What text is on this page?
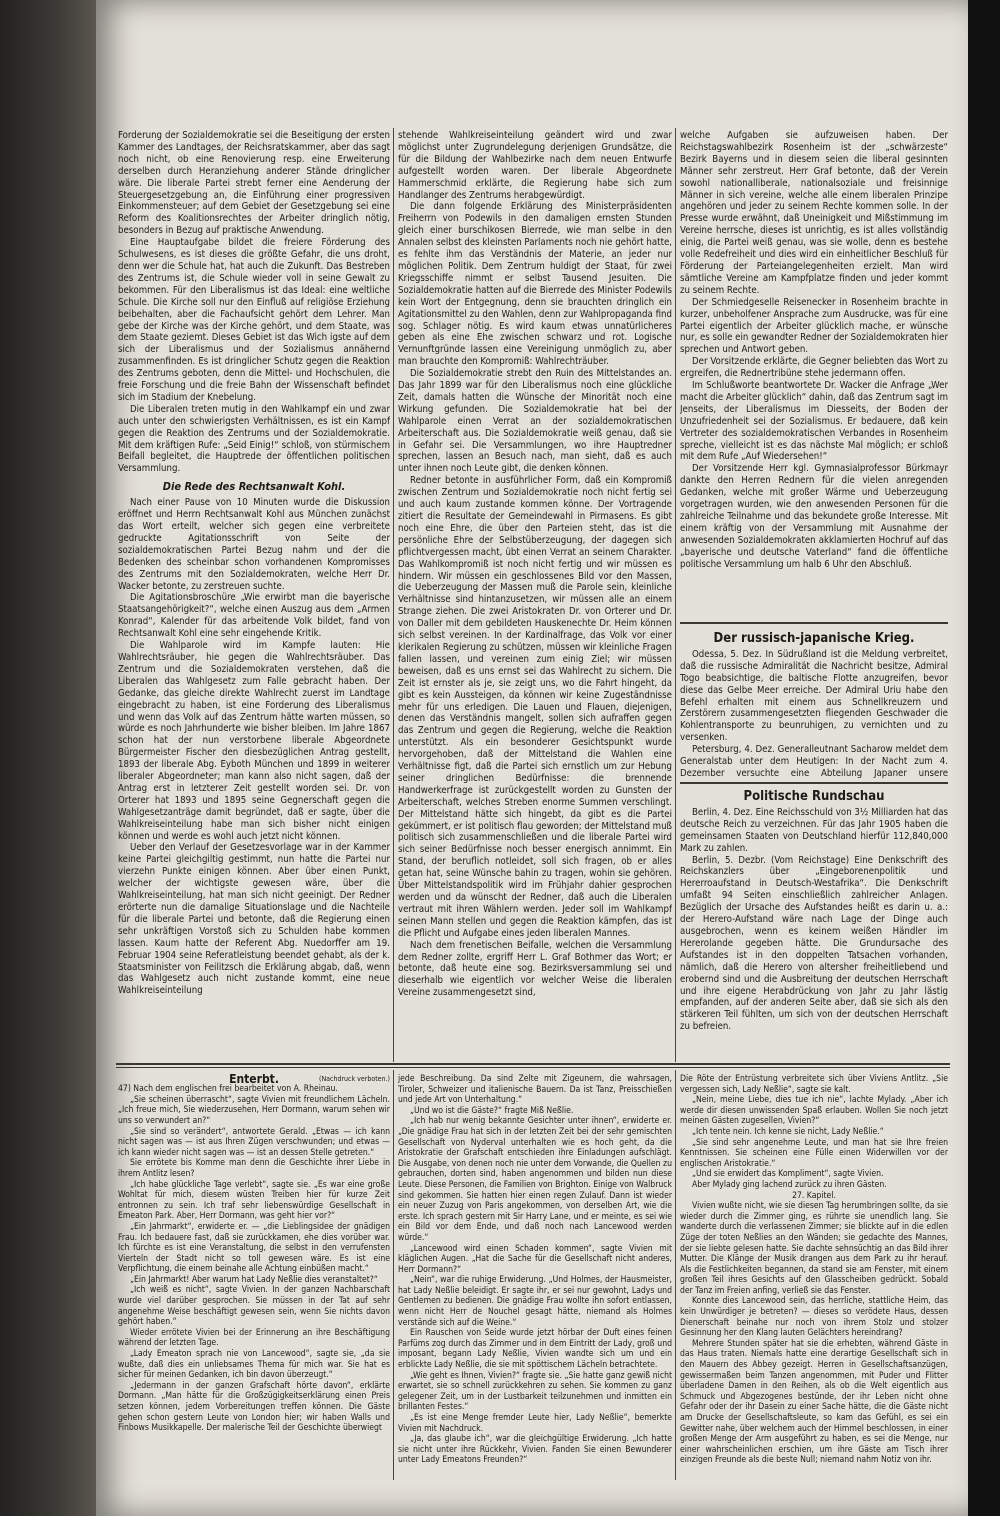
Forderung der Sozialdemokratie sei die Beseitigung der ersten Kammer des Landtages, der Reichsratskammer, aber das sagt noch nicht, ob eine Renovierung resp. eine Erweiterung derselben durch Heranziehung anderer Stände dringlicher wäre. Die liberale Partei strebt ferner eine Aenderung der Steuergesetzgebung an, die Einführung einer progressiven Einkommensteuer; auf dem Gebiet der Gesetzgebung sei eine Reform des Koalitionsrechtes der Arbeiter dringlich nötig, besonders in Bezug auf praktische Anwendung.

Eine Hauptaufgabe bildet die freiere Förderung des Schulwesens, es ist dieses die größte Gefahr, die uns droht, denn wer die Schule hat, hat auch die Zukunft. Das Bestreben des Zentrums ist, die Schule wieder voll in seine Gewalt zu bekommen. Für den Liberalismus ist das Ideal: eine weltliche Schule. Die Kirche soll nur den Einfluß auf religiöse Erziehung beibehalten, aber die Fachaufsicht gehört dem Lehrer. Man gebe der Kirche was der Kirche gehört, und dem Staate, was dem Staate geziemt. Dieses Gebiet ist das Wich igste auf dem sich der Liberalismus und der Sozialismus annähernd zusammenfinden. Es ist dringlicher Schutz gegen die Reaktion des Zentrums geboten, denn die Mittel- und Hochschulen, die freie Forschung und die freie Bahn der Wissenschaft befindet sich im Stadium der Knebelung.

Die Liberalen treten mutig in den Wahlkampf ein und zwar auch unter den schwierigsten Verhältnissen, es ist ein Kampf gegen die Reaktion des Zentrums und der Sozialdemokratie. Mit dem kräftigen Rufe: „Seid Einig!“ schloß, von stürmischem Beifall begleitet, die Hauptrede der öffentlichen politischen Versammlung.

Die Rede des Rechtsanwalt Kohl.

Nach einer Pause von 10 Minuten wurde die Diskussion eröffnet und Herrn Rechtsanwalt Kohl aus München zunächst das Wort erteilt, welcher sich gegen eine verbreitete gedruckte Agitationsschrift von Seite der sozialdemokratischen Partei Bezug nahm und der die Bedenken des scheinbar schon vorhandenen Kompromisses des Zentrums mit den Sozialdemokraten, welche Herr Dr. Wacker betonte, zu zerstreuen suchte.

Die Agitationsbroschüre „Wie erwirbt man die bayerische Staatsangehörigkeit?“, welche einen Auszug aus dem „Armen Konrad“, Kalender für das arbeitende Volk bildet, fand von Rechtsanwalt Kohl eine sehr eingehende Kritik.

Die Wahlparole wird im Kampfe lauten: Hie Wahlrechtsräuber, hie gegen die Wahlrechtsräuber. Das Zentrum und die Sozialdemokraten verstehen, daß die Liberalen das Wahlgesetz zum Falle gebracht haben. Der Gedanke, das gleiche direkte Wahlrecht zuerst im Landtage eingebracht zu haben, ist eine Forderung des Liberalismus und wenn das Volk auf das Zentrum hätte warten müssen, so würde es noch Jahrhunderte wie bisher bleiben. Im Jahre 1867 schon hat der nun verstorbene liberale Abgeordnete Bürgermeister Fischer den diesbezüglichen Antrag gestellt, 1893 der liberale Abg. Eyboth München und 1899 in weiterer liberaler Abgeordneter; man kann also nicht sagen, daß der Antrag erst in letzterer Zeit gestellt worden sei. Dr. von Orterer hat 1893 und 1895 seine Gegnerschaft gegen die Wahlgesetzanträge damit begründet, daß er sagte, über die Wahlkreiseinteilung habe man sich bisher nicht einigen können und werde es wohl auch jetzt nicht können.

Ueber den Verlauf der Gesetzesvorlage war in der Kammer keine Partei gleichgiltig gestimmt, nun hatte die Partei nur vierzehn Punkte einigen können. Aber über einen Punkt, welcher der wichtigste gewesen wäre, über die Wahlkreiseinteilung, hat man sich nicht geeinigt. Der Redner erörterte nun die damalige Situationslage und die Nachteile für die liberale Partei und betonte, daß die Regierung einen sehr unkräftigen Vorstoß sich zu Schulden habe kommen lassen. Kaum hatte der Referent Abg. Nuedorffer am 19. Februar 1904 seine Referatleistung beendet gehabt, als der k. Staatsminister von Feilitzsch die Erklärung abgab, daß, wenn das Wahlgesetz auch nicht zustande kommt, eine neue Wahlkreiseinteilung

stehende Wahlkreiseinteilung geändert wird und zwar möglichst unter Zugrundelegung derjenigen Grundsätze, die für die Bildung der Wahlbezirke nach dem neuen Entwurfe aufgestellt worden waren. Der liberale Abgeordnete Hammerschmid erklärte, die Regierung habe sich zum Handlanger des Zentrums herabgewürdigt.

Die dann folgende Erklärung des Ministerpräsidenten Freiherrn von Podewils in den damaligen ernsten Stunden gleich einer burschikosen Bierrede, wie man selbe in den Annalen selbst des kleinsten Parlaments noch nie gehört hatte, es fehlte ihm das Verständnis der Materie, an jeder nur möglichen Politik. Dem Zentrum huldigt der Staat, für zwei Kriegsschiffe nimmt er selbst Tausend Jesuiten. Die Sozialdemokratie hatten auf die Bierrede des Minister Podewils kein Wort der Entgegnung, denn sie brauchten dringlich ein Agitationsmittel zu den Wahlen, denn zur Wahlpropaganda find sog. Schlager nötig. Es wird kaum etwas unnatürlicheres geben als eine Ehe zwischen schwarz und rot. Logische Vernunftgründe lassen eine Vereinigung unmöglich zu, aber man brauchte den Kompromiß: Wahlrechträuber.

Die Sozialdemokratie strebt den Ruin des Mittelstandes an. Das Jahr 1899 war für den Liberalismus noch eine glückliche Zeit, damals hatten die Wünsche der Minorität noch eine Wirkung gefunden. Die Sozialdemokratie hat bei der Wahlparole einen Verrat an der sozialdemokratischen Arbeiterschaft aus. Die Sozialdemokratie weiß genau, daß sie in Gefahr sei. Die Versammlungen, wo ihre Hauptredner sprechen, lassen an Besuch nach, man sieht, daß es auch unter ihnen noch Leute gibt, die denken können.

Redner betonte in ausführlicher Form, daß ein Kompromiß zwischen Zentrum und Sozialdemokratie noch nicht fertig sei und auch kaum zustande kommen könne. Der Vortragende zitiert die Resultate der Gemeindewahl in Pirmasens. Es gibt noch eine Ehre, die über den Parteien steht, das ist die persönliche Ehre der Selbstüberzeugung, der dagegen sich pflichtvergessen macht, übt einen Verrat an seinem Charakter. Das Wahlkompromiß ist noch nicht fertig und wir müssen es hindern. Wir müssen ein geschlossenes Bild vor den Massen, die Ueberzeugung der Massen muß die Parole sein, kleinliche Verhältnisse sind hintanzusetzen, wir müssen alle an einem Strange ziehen. Die zwei Aristokraten Dr. von Orterer und Dr. von Daller mit dem gebildeten Hauskenechte Dr. Heim können sich selbst vereinen. In der Kardinalfrage, das Volk vor einer klerikalen Regierung zu schützen, müssen wir kleinliche Fragen fallen lassen, und vereinen zum einig Ziel; wir müssen beweisen, daß es uns ernst sei das Wahlrecht zu sichern. Die Zeit ist ernster als je, sie zeigt uns, wo die Fahrt hingeht, da gibt es kein Aussteigen, da können wir keine Zugeständnisse mehr für uns erledigen. Die Lauen und Flauen, diejenigen, denen das Verständnis mangelt, sollen sich aufraffen gegen das Zentrum und gegen die Regierung, welche die Reaktion unterstützt. Als ein besonderer Gesichtspunkt wurde hervorgehoben, daß der Mittelstand die Wahlen eine Verhältnisse figt, daß die Partei sich ernstlich um zur Hebung seiner dringlichen Bedürfnisse: die brennende Handwerkerfrage ist zurückgestellt worden zu Gunsten der Arbeiterschaft, welches Streben enorme Summen verschlingt. Der Mittelstand hätte sich hingebt, da gibt es die Partei gekümmert, er ist politisch flau geworden; der Mittelstand muß politisch sich zusammenschließen und die liberale Partei wird sich seiner Bedürfnisse noch besser energisch annimmt. Ein Stand, der beruflich notleidet, soll sich fragen, ob er alles getan hat, seine Wünsche bahin zu tragen, wohin sie gehören. Über Mittelstandspolitik wird im Frühjahr dahier gesprochen werden und da wünscht der Redner, daß auch die Liberalen vertraut mit ihren Wählern werden. Jeder soll im Wahlkampf seinen Mann stellen und gegen die Reaktion kämpfen, das ist die Pflicht und Aufgabe eines jeden liberalen Mannes.

Nach dem frenetischen Beifalle, welchen die Versammlung dem Redner zollte, ergriff Herr L. Graf Bothmer das Wort; er betonte, daß heute eine sog. Bezirksversammlung sei und dieserhalb wie eigentlich vor welcher Weise die liberalen Vereine zusammengesetzt sind,

welche Aufgaben sie aufzuweisen haben. Der Reichstagswahlbezirk Rosenheim ist der „schwärzeste“ Bezirk Bayerns und in diesem seien die liberal gesinnten Männer sehr zerstreut. Herr Graf betonte, daß der Verein sowohl nationalliberale, nationalsoziale und freisinnige Männer in sich vereine, welche alle einem liberalen Prinzipe angehören und jeder zu seinem Rechte kommen solle. In der Presse wurde erwähnt, daß Uneinigkeit und Mißstimmung im Vereine herrsche, dieses ist unrichtig, es ist alles vollständig einig, die Partei weiß genau, was sie wolle, denn es bestehe volle Redefreiheit und dies wird ein einheitlicher Beschluß für Förderung der Parteiangelegenheiten erzielt. Man wird sämtliche Vereine am Kampfplatze finden und jeder kommt zu seinem Rechte.

Der Schmiedgeselle Reisenecker in Rosenheim brachte in kurzer, unbeholfener Ansprache zum Ausdrucke, was für eine Partei eigentlich der Arbeiter glücklich mache, er wünsche nur, es solle ein gewandter Redner der Sozialdemokraten hier sprechen und Antwort geben.

Der Vorsitzende erklärte, die Gegner beliebten das Wort zu ergreifen, die Rednertribüne stehe jedermann offen.

Im Schlußworte beantwortete Dr. Wacker die Anfrage „Wer macht die Arbeiter glücklich“ dahin, daß das Zentrum sagt im Jenseits, der Liberalismus im Diesseits, der Boden der Unzufriedenheit sei der Sozialismus. Er bedauere, daß kein Vertreter des sozialdemokratischen Verbandes in Rosenheim spreche, vielleicht ist es das nächste Mal möglich; er schloß mit dem Rufe „Auf Wiedersehen!“

Der Vorsitzende Herr kgl. Gymnasialprofessor Bürkmayr dankte den Herren Rednern für die vielen anregenden Gedanken, welche mit großer Wärme und Ueberzeugung vorgetragen wurden, wie den anwesenden Personen für die zahlreiche Teilnahme und das bekundete große Interesse. Mit einem kräftig von der Versammlung mit Ausnahme der anwesenden Sozialdemokraten akklamierten Hochruf auf das „bayerische und deutsche Vaterland“ fand die öffentliche politische Versammlung um halb 6 Uhr den Abschluß.

Der russisch-japanische Krieg.

Odessa, 5. Dez. In Südrußland ist die Meldung verbreitet, daß die russische Admiralität die Nachricht besitze, Admiral Togo beabsichtige, die baltische Flotte anzugreifen, bevor diese das Gelbe Meer erreiche. Der Admiral Uriu habe den Befehl erhalten mit einem aus Schnellkreuzern und Zerstörern zusammengesetzten fliegenden Geschwader die Kohlentransporte zu beunruhigen, zu vernichten und zu versenken.

Petersburg, 4. Dez. Generalleutnant Sacharow meldet dem Generalstab unter dem Heutigen: In der Nacht zum 4. Dezember versuchte eine Abteilung Japaner unsere

Politische Rundschau

Berlin, 4. Dez. Eine Reichsschuld von 3½ Milliarden hat das deutsche Reich zu verzeichnen. Für das Jahr 1905 haben die gemeinsamen Staaten von Deutschland hierfür 112,840,000 Mark zu zahlen.

Berlin, 5. Dezbr. (Vom Reichstage) Eine Denkschrift des Reichskanzlers über „Eingeborenenpolitik und Hererroaufstand in Deutsch-Westafrika“. Die Denkschrift umfaßt 94 Seiten einschließlich zahlreicher Anlagen. Bezüglich der Ursache des Aufstandes heißt es darin u. a.: der Herero-Aufstand wäre nach Lage der Dinge auch ausgebrochen, wenn es keinem weißen Händler im Hererolande gegeben hätte. Die Grundursache des Aufstandes ist in den doppelten Tatsachen vorhanden, nämlich, daß die Herero von altersher freiheitliebend und erobernd sind und die Ausbreitung der deutschen Herrschaft und ihre eigene Herabdrückung von Jahr zu Jahr lästig empfanden, auf der anderen Seite aber, daß sie sich als den stärkeren Teil fühlten, um sich von der deutschen Herrschaft zu befreien.

Enterbt.	(Nachdruck verboten.)

47) Nach dem englischen frei bearbeitet von A. Rheinau.

„Sie scheinen überrascht“, sagte Vivien mit freundlichem Lächeln. „Ich freue mich, Sie wiederzusehen, Herr Dormann, warum sehen wir uns so verwundert an?“

„Sie sind so verändert“, antwortete Gerald. „Etwas — ich kann nicht sagen was — ist aus Ihren Zügen verschwunden; und etwas — ich kann wieder nicht sagen was — ist an dessen Stelle getreten.“

Sie errötete bis Komme man denn die Geschichte ihrer Liebe in ihrem Antlitz lesen?

„Ich habe glückliche Tage verlebt“, sagte sie. „Es war eine große Wohltat für mich, diesem wüsten Treiben hier für kurze Zeit entronnen zu sein. Ich traf sehr liebenswürdige Gesellschaft in Emeaton Park. Aber, Herr Dormann, was geht hier vor?“

„Ein Jahrmarkt“, erwiderte er. — „die Lieblingsidee der gnädigen Frau. Ich bedauere fast, daß sie zurückkamen, ehe dies vorüber war. Ich fürchte es ist eine Veranstaltung, die selbst in den verrufensten Vierteln der Stadt nicht so toll gewesen wäre. Es ist eine Verpflichtung, die einem beinahe alle Achtung einbüßen macht.“

„Ein Jahrmarkt! Aber warum hat Lady Neßlie dies veranstaltet?“

„Ich weiß es nicht“, sagte Vivien. In der ganzen Nachbarschaft wurde viel darüber gesprochen. Sie müssen in der Tat auf sehr angenehme Weise beschäftigt gewesen sein, wenn Sie nichts davon gehört haben.“

Wieder errötete Vivien bei der Erinnerung an ihre Beschäftigung während der letzten Tage.

„Lady Emeaton sprach nie von Lancewood“, sagte sie, „da sie wußte, daß dies ein unliebsames Thema für mich war. Sie hat es sicher für meinen Gedanken, ich bin davon überzeugt.“

„Jedermann in der ganzen Grafschaft hörte davon“, erklärte Dormann. „Man hätte für die Großzügigkeitserklärung einen Preis setzen können, jedem Vorbereitungen treffen können. Die Gäste gehen schon gestern Leute von London hier; wir haben Walls und Finbows Musikkapelle. Der malerische Teil der Geschichte überwiegt

jede Beschreibung. Da sind Zelte mit Zigeunern, die wahrsagen, Tiroler, Schweizer und italienische Bauern. Da ist Tanz, Preisschießen und jede Art von Unterhaltung.“

„Und wo ist die Gäste?“ fragte Miß Neßlie.

„Ich hab nur wenig bekannte Gesichter unter ihnen“, erwiderte er. „Die gnädige Frau hat sich in der letzten Zeit bei der sehr gemischten Gesellschaft von Nyderval unterhalten wie es hoch geht, da die Aristokratie der Grafschaft entschieden ihre Einladungen aufschlägt. Die Ausgabe, von denen noch nie unter dem Vorwande, die Quellen zu gebrauchen, dorten sind, haben angenommen und bilden nun diese Leute. Diese Personen, die Familien von Brighton. Einige von Walbruck sind gekommen. Sie hatten hier einen regen Zulauf. Dann ist wieder ein neuer Zuzug von Paris angekommen, von derselben Art, wie die erste. Ich sprach gestern mit Sir Harry Lane, und er meinte, es sei wie ein Bild vor dem Ende, und daß noch nach Lancewood werden würde.“

„Lancewood wird einen Schaden kommen“, sagte Vivien mit kläglichen Augen. „Hat die Sache für die Gesellschaft nicht anderes, Herr Dormann?“

„Nein“, war die ruhige Erwiderung. „Und Holmes, der Hausmeister, hat Lady Neßlie beleidigt. Er sagte ihr, er sei nur gewohnt, Ladys und Gentlemen zu bedienen. Die gnädige Frau wollte ihn sofort entlassen, wenn nicht Herr de Nouchel gesagt hätte, niemand als Holmes verstände sich auf die Weine.“

Ein Rauschen von Seide wurde jetzt hörbar der Duft eines feinen Parfüms zog durch das Zimmer und in dem Eintritt der Lady, groß und imposant, begann Lady Neßlie, Vivien wandte sich um und ein erblickte Lady Neßlie, die sie mit spöttischem Lächeln betrachtete.

„Wie geht es Ihnen, Vivien?“ fragte sie. „Sie hatte ganz gewiß nicht erwartet, sie so schnell zurückkehren zu sehen. Sie kommen zu ganz gelegener Zeit, um in der Lustbarkeit teilzunehmen und inmitten ein brillanten Festes.“

„Es ist eine Menge fremder Leute hier, Lady Neßlie“, bemerkte Vivien mit Nachdruck.

„Ja, das glaube ich“, war die gleichgültige Erwiderung. „Ich hatte sie nicht unter ihre Rückkehr, Vivien. Fanden Sie einen Bewunderer unter Lady Emeatons Freunden?“

Die Röte der Entrüstung verbreitete sich über Viviens Antlitz. „Sie vergessen sich, Lady Neßlie“, sagte sie kalt.

„Nein, meine Liebe, dies tue ich nie“, lachte Mylady. „Aber ich werde dir diesen unwissenden Spaß erlauben. Wollen Sie noch jetzt meinen Gästen zugesellen, Vivien?“

„Ich tente nein. Ich kenne sie nicht, Lady Neßlie.“

„Sie sind sehr angenehme Leute, und man hat sie Ihre freien Kenntnissen. Sie scheinen eine Fülle einen Widerwillen vor der englischen Aristokratie.“

„Und sie erwidert das Kompliment“, sagte Vivien.

Aber Mylady ging lachend zurück zu ihren Gästen.

27. Kapitel.

Vivien wußte nicht, wie sie diesen Tag herumbringen sollte, da sie wieder durch die Zimmer ging, es rührte sie unendlich lang. Sie wanderte durch die verlassenen Zimmer; sie blickte auf in die edlen Züge der toten Neßlies an den Wänden; sie gedachte des Mannes, der sie liebte gelesen hatte. Sie dachte sehnsüchtig an das Bild ihrer Mutter. Die Klänge der Musik drangen aus dem Park zu ihr herauf. Als die Festlichkeiten begannen, da stand sie am Fenster, mit einem großen Teil ihres Gesichts auf den Glasscheiben gedrückt. Sobald der Tanz im Freien anfing, verließ sie das Fenster.

Konnte dies Lancewood sein, das herrliche, stattliche Heim, das kein Unwürdiger je betreten? — dieses so verödete Haus, dessen Dienerschaft beinahe nur noch von ihrem Stolz und stolzer Gesinnung her den Klang lauten Gelächters hereindrang?

Mehrere Stunden später hat sie die erhebten, während Gäste in das Haus traten. Niemals hatte eine derartige Gesellschaft sich in den Mauern des Abbey gezeigt. Herren in Gesellschaftsanzügen, gewissermaßen beim Tanzen angenommen, mit Puder und Flitter überladene Damen in den Reihen, als ob die Welt eigentlich aus Schmuck und Abgezogenes bestünde, der ihr Leben nicht ohne Gefahr oder der ihr Dasein zu einer Sache hätte, die die Gäste nicht am Drucke der Gesellschaftsleute, so kam das Gefühl, es sei ein Gewitter nahe, über welchem auch der Himmel beschlossen, in einer großen Menge der Arm ausgeführt zu haben, es sei die Menge, nur einer wahrscheinlichen erschien, um ihre Gäste am Tisch ihrer einzigen Freunde als die beste Null; niemand nahm Notiz von ihr.
